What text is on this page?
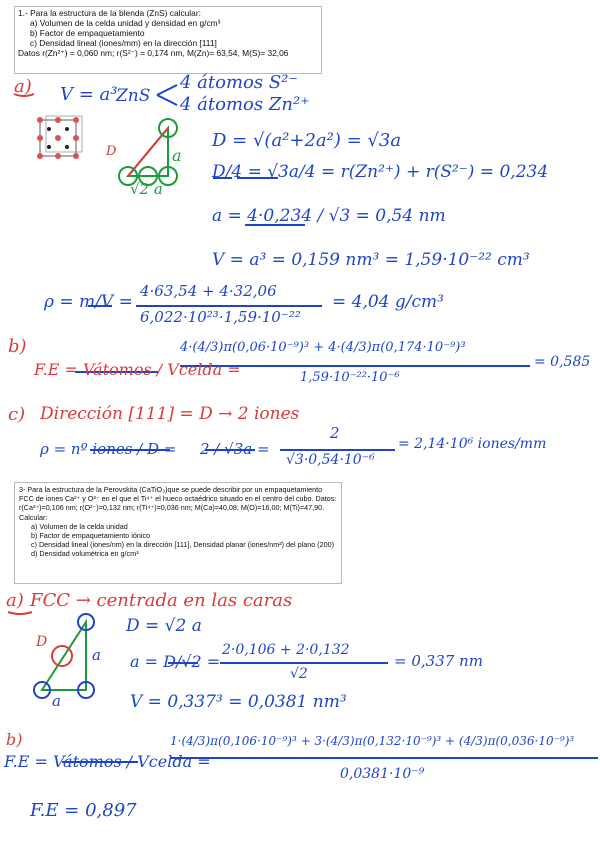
1.- Para la estructura de la blenda (ZnS) calcular:
a) Volumen de la celda unidad y densidad en g/cm³
b) Factor de empaquetamiento
c) Densidad lineal (iones/mm) en la dirección [111]
Datos r(Zn²⁺) = 0,060 nm; r(S²⁻) = 0,174 nm, M(Zn)= 63,54, M(S)= 32,06
3- Para la estructura de la Perovskita (CaTiO₃)que se puede describir por un empaquetamiento FCC de iones Ca²⁺ y O²⁻ en el que el Ti⁴⁺ el hueco octaédrico situado en el centro del cubo. Datos: r(Ca²⁺)=0,106 nm; r(O²⁻)=0,132 nm; r(Ti⁴⁺)=0,036 nm; M(Ca)=40,08; M(O)=16,00; M(Ti)=47,90. Calcular:
a) Volumen de la celda unidad
b) Factor de empaquetamiento iónico
c) Densidad lineal (iones/nm) en la dirección [111], Densidad planar (iones/nm²) del plano (200)
d) Densidad volumétrica en g/cm³
a) V = a³
ZnS
4 átomos S²⁻
4 átomos Zn²⁺
D	a
√2 a
D = √(a²+2a²) = √3a
D/4 = √3a/4 = r(Zn²⁺) + r(S²⁻) = 0,234
a = 4·0,234 / √3 = 0,54 nm
V = a³ = 0,159 nm³ = 1,59·10⁻²² cm³
ρ = m/V =
4·63,54 + 4·32,06
6,022·10²³·1,59·10⁻²²
= 4,04 g/cm³
b)
F.E = Vátomos / Vcelda =
4·(4/3)π(0,06·10⁻⁹)³ + 4·(4/3)π(0,174·10⁻⁹)³
1,59·10⁻²²·10⁻⁶
= 0,585
c) Dirección [111] = D → 2 iones
ρ = nº iones / D = 2 / √3a =
2
√3·0,54·10⁻⁶
= 2,14·10⁶ iones/mm
a) FCC → centrada en las caras
D
a
a
D = √2 a
a = D/√2 =
2·0,106 + 2·0,132
√2
= 0,337 nm
V = 0,337³ = 0,0381 nm³
b)
F.E = Vátomos / Vcelda =
1·(4/3)π(0,106·10⁻⁹)³ + 3·(4/3)π(0,132·10⁻⁹)³ + (4/3)π(0,036·10⁻⁹)³
0,0381·10⁻⁹
F.E = 0,897
